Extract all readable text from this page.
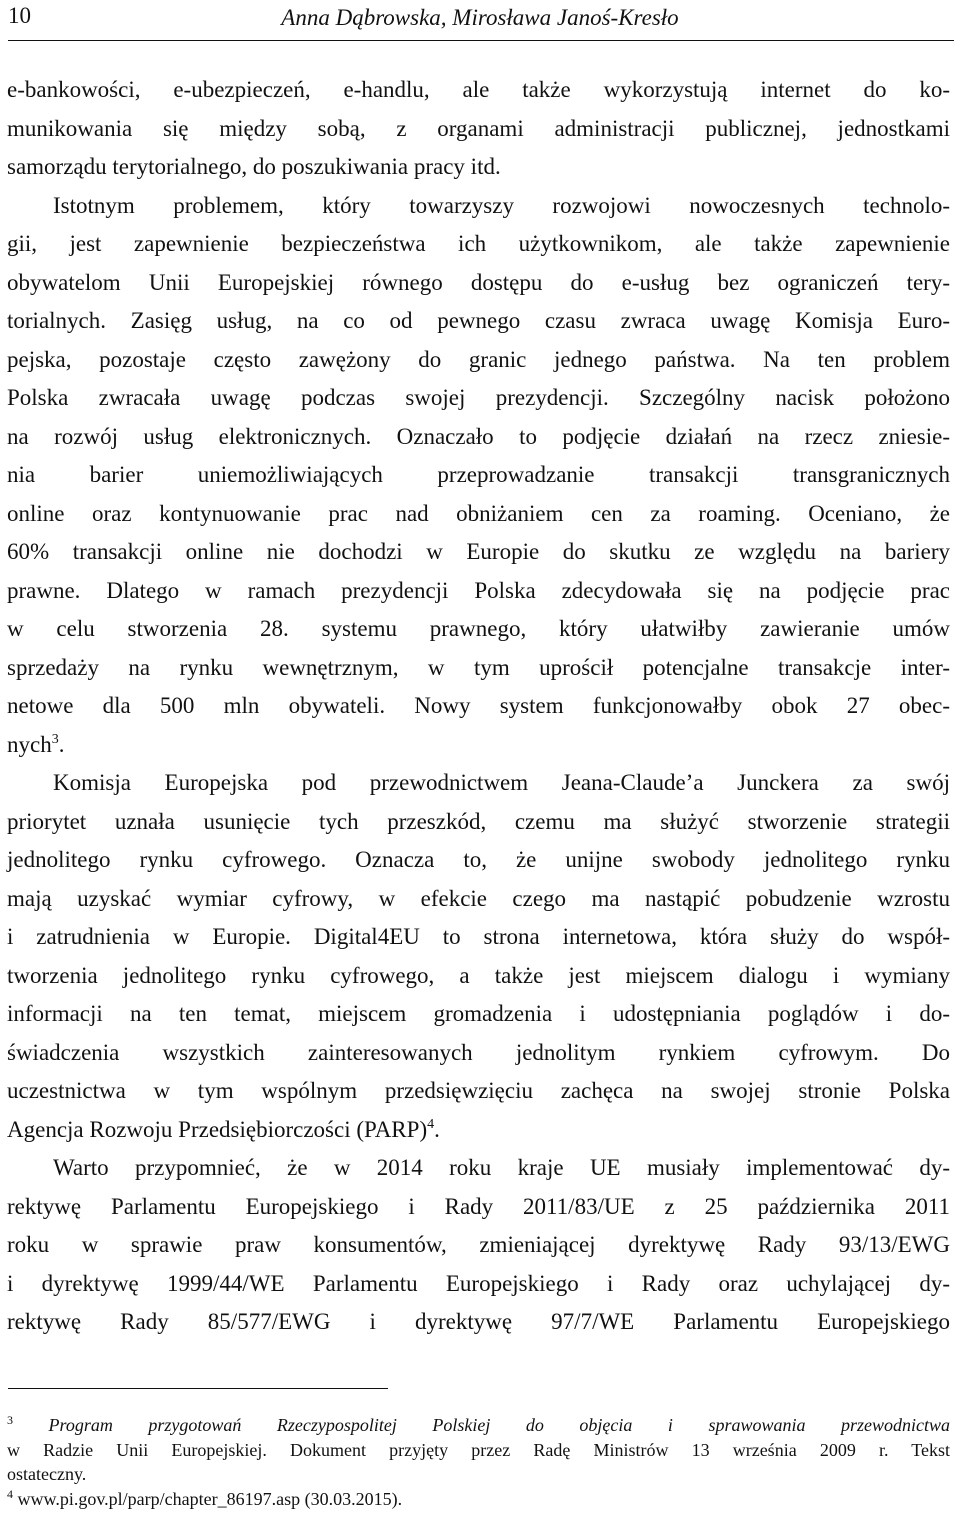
10	Anna Dąbrowska, Mirosława Janoś-Kresło
e-bankowości, e-ubezpieczeń, e-handlu, ale także wykorzystują internet do ko-
munikowania się między sobą, z organami administracji publicznej, jednostkami
samorządu terytorialnego, do poszukiwania pracy itd.
Istotnym problemem, który towarzyszy rozwojowi nowoczesnych technolo-
gii, jest zapewnienie bezpieczeństwa ich użytkownikom, ale także zapewnienie
obywatelom Unii Europejskiej równego dostępu do e-usług bez ograniczeń tery-
torialnych. Zasięg usług, na co od pewnego czasu zwraca uwagę Komisja Euro-
pejska, pozostaje często zawężony do granic jednego państwa. Na ten problem
Polska zwracała uwagę podczas swojej prezydencji. Szczególny nacisk położono
na rozwój usług elektronicznych. Oznaczało to podjęcie działań na rzecz zniesie-
nia barier uniemożliwiających przeprowadzanie transakcji transgranicznych
online oraz kontynuowanie prac nad obniżaniem cen za roaming. Oceniano, że
60% transakcji online nie dochodzi w Europie do skutku ze względu na bariery
prawne. Dlatego w ramach prezydencji Polska zdecydowała się na podjęcie prac
w celu stworzenia 28. systemu prawnego, który ułatwiłby zawieranie umów
sprzedaży na rynku wewnętrznym, w tym uprościł potencjalne transakcje inter-
netowe dla 500 mln obywateli. Nowy system funkcjonowałby obok 27 obec-
nych$^3$.
Komisja Europejska pod przewodnictwem Jeana-Claude’a Junckera za swój
priorytet uznała usunięcie tych przeszkód, czemu ma służyć stworzenie strategii
jednolitego rynku cyfrowego. Oznacza to, że unijne swobody jednolitego rynku
mają uzyskać wymiar cyfrowy, w efekcie czego ma nastąpić pobudzenie wzrostu
i zatrudnienia w Europie. Digital4EU to strona internetowa, która służy do współ-
tworzenia jednolitego rynku cyfrowego, a także jest miejscem dialogu i wymiany
informacji na ten temat, miejscem gromadzenia i udostępniania poglądów i do-
świadczenia wszystkich zainteresowanych jednolitym rynkiem cyfrowym. Do
uczestnictwa w tym wspólnym przedsięwzięciu zachęca na swojej stronie Polska
Agencja Rozwoju Przedsiębiorczości (PARP)$^4$.
Warto przypomnieć, że w 2014 roku kraje UE musiały implementować dy-
rektywę Parlamentu Europejskiego i Rady 2011/83/UE z 25 października 2011
roku w sprawie praw konsumentów, zmieniającej dyrektywę Rady 93/13/EWG
i dyrektywę 1999/44/WE Parlamentu Europejskiego i Rady oraz uchylającej dy-
rektywę Rady 85/577/EWG i dyrektywę 97/7/WE Parlamentu Europejskiego
$^3$ Program przygotowań Rzeczypospolitej Polskiej do objęcia i sprawowania przewodnictwa
w Radzie Unii Europejskiej. Dokument przyjęty przez Radę Ministrów 13 września 2009 r. Tekst
ostateczny.
$^4$ www.pi.gov.pl/parp/chapter_86197.asp (30.03.2015).
